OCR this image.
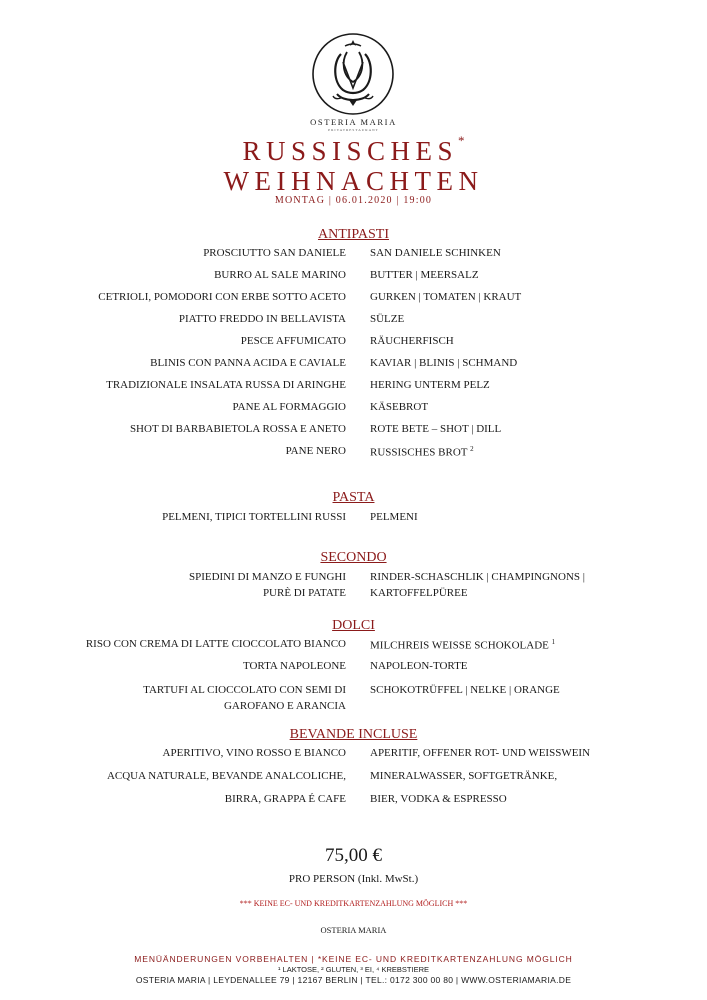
OSTERIA MARIA
PRIVATRESTAURANT
RUSSISCHES*
WEIHNACHTEN
MONTAG | 06.01.2020 | 19:00
ANTIPASTI
PROSCIUTTO SAN DANIELE SAN DANIELE SCHINKEN
BURRO AL SALE MARINO BUTTER | MEERSALZ
CETRIOLI, POMODORI CON ERBE SOTTO ACETO GURKEN | TOMATEN | KRAUT
PIATTO FREDDO IN BELLAVISTA SÜLZE
PESCE AFFUMICATO RÄUCHERFISCH
BLINIS CON PANNA ACIDA E CAVIALE KAVIAR | BLINIS | SCHMAND
TRADIZIONALE INSALATA RUSSA DI ARINGHE HERING UNTERM PELZ
PANE AL FORMAGGIO KÄSEBROT
SHOT DI BARBABIETOLA ROSSA E ANETO ROTE BETE – SHOT | DILL
PANE NERO RUSSISCHES BROT $^2$
PASTA
PELMENI, TIPICI TORTELLINI RUSSI PELMENI
SECONDO
SPIEDINI DI MANZO E FUNGHI
PURÈ DI PATATE
RINDER-SCHASCHLIK | CHAMPINGNONS |
KARTOFFELPÜREE
DOLCI
RISO CON CREMA DI LATTE CIOCCOLATO BIANCO MILCHREIS WEISSE SCHOKOLADE $^1$
TORTA NAPOLEONE NAPOLEON-TORTE
TARTUFI AL CIOCCOLATO CON SEMI DI
GAROFANO E ARANCIA
SCHOKOTRÜFFEL | NELKE | ORANGE
BEVANDE INCLUSE
APERITIVO, VINO ROSSO E BIANCO APERITIF, OFFENER ROT- UND WEISSWEIN
ACQUA NATURALE, BEVANDE ANALCOLICHE, MINERALWASSER, SOFTGETRÄNKE,
BIRRA, GRAPPA É CAFE BIER, VODKA & ESPRESSO
75,00 €
PRO PERSON (Inkl. MwSt.)
*** KEINE EC- UND KREDITKARTENZAHLUNG MÖGLICH ***
OSTERIA MARIA
MENÜÄNDERUNGEN VORBEHALTEN | *KEINE EC- UND KREDITKARTENZAHLUNG MÖGLICH
¹ LAKTOSE, ² GLUTEN, ³ EI, ⁴ KREBSTIERE
OSTERIA MARIA | LEYDENALLEE 79 | 12167 BERLIN | TEL.: 0172 300 00 80 | WWW.OSTERIAMARIA.DE
